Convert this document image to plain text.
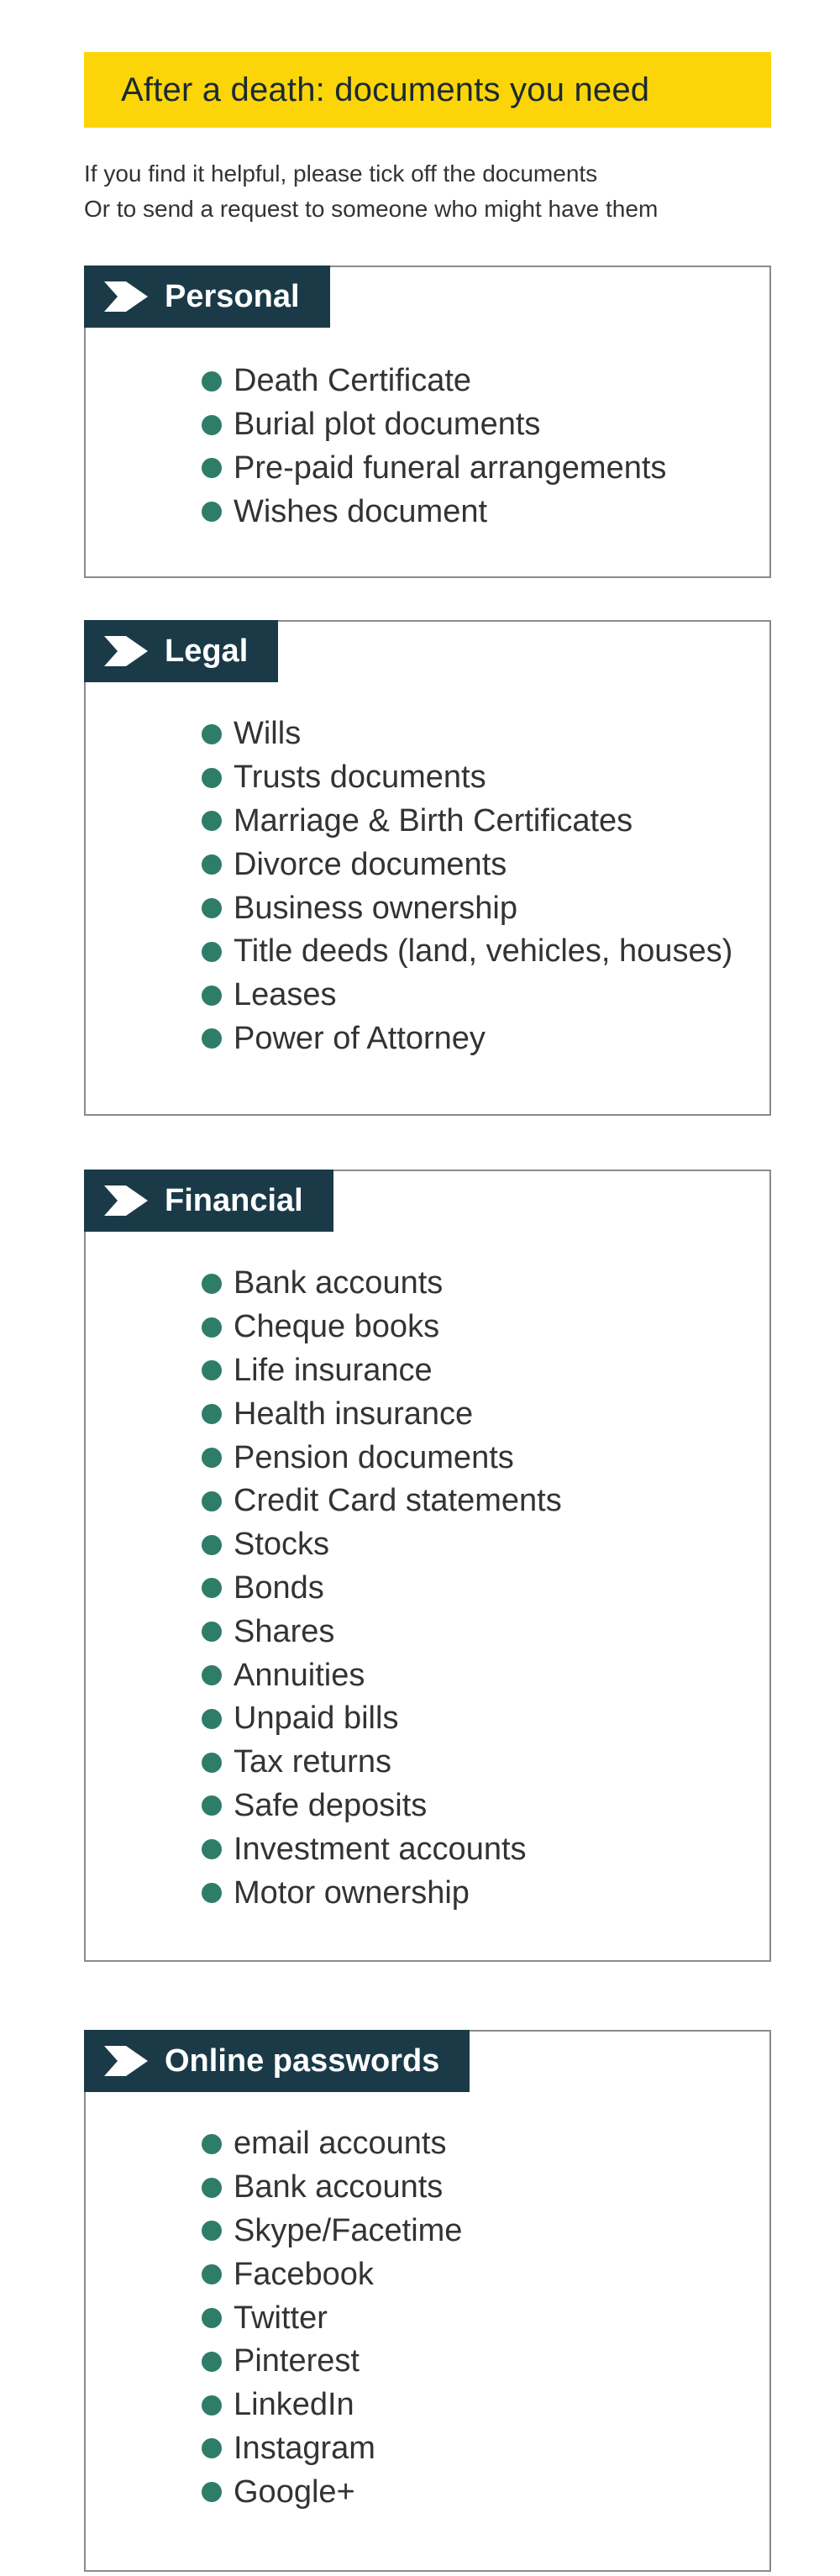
After a death: documents you need
If you find it helpful, please tick off the documents
Or to send a request to someone who might have them
Personal
Death Certificate
Burial plot documents
Pre-paid funeral arrangements
Wishes document
Legal
Wills
Trusts documents
Marriage & Birth Certificates
Divorce documents
Business ownership
Title deeds (land, vehicles, houses)
Leases
Power of Attorney
Financial
Bank accounts
Cheque books
Life insurance
Health insurance
Pension documents
Credit Card statements
Stocks
Bonds
Shares
Annuities
Unpaid bills
Tax returns
Safe deposits
Investment accounts
Motor ownership
Online passwords
email accounts
Bank accounts
Skype/Facetime
Facebook
Twitter
Pinterest
LinkedIn
Instagram
Google+
